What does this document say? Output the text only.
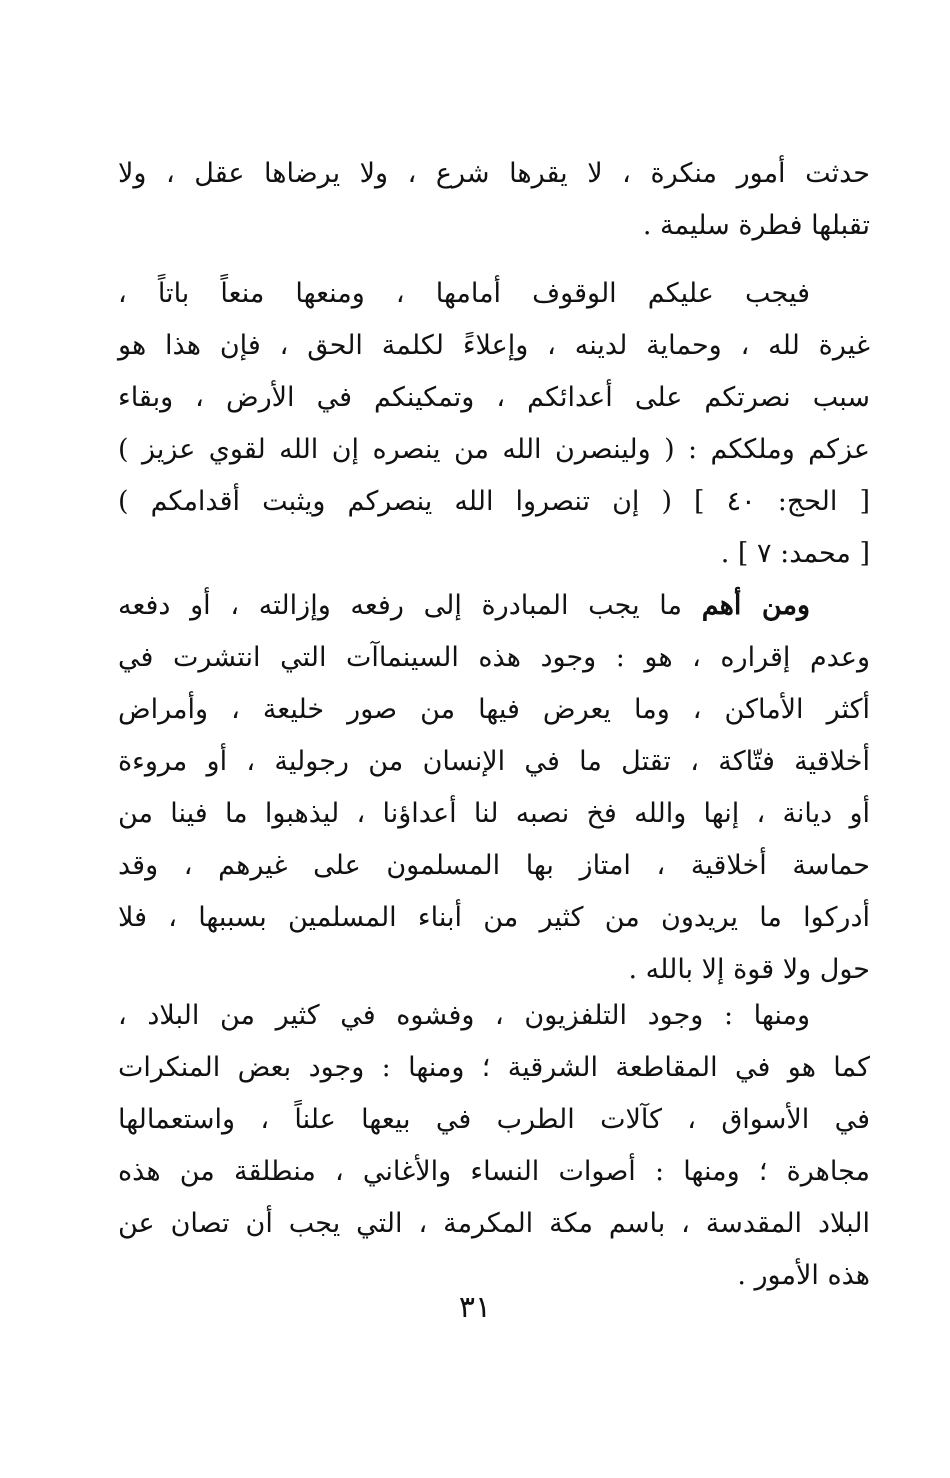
حدثت أمور منكرة ، لا يقرها شرع ، ولا يرضاها عقل ، ولا
تقبلها فطرة سليمة .
فيجب عليكم الوقوف أمامها ، ومنعها منعاً باتاً ،
غيرة لله ، وحماية لدينه ، وإعلاءً لكلمة الحق ، فإن هذا هو
سبب نصرتكم على أعدائكم ، وتمكينكم في الأرض ، وبقاء
عزكم وملككم : ( ولينصرن الله من ينصره إن الله لقوي عزيز )
[ الحج: ٤٠ ] ( إن تنصروا الله ينصركم ويثبت أقدامكم )
[ محمد: ٧ ] .
ومن أهم ما يجب المبادرة إلى رفعه وإزالته ، أو دفعه
وعدم إقراره ، هو : وجود هذه السينماآت التي انتشرت في
أكثر الأماكن ، وما يعرض فيها من صور خليعة ، وأمراض
أخلاقية فتّاكة ، تقتل ما في الإنسان من رجولية ، أو مروءة
أو ديانة ، إنها والله فخ نصبه لنا أعداؤنا ، ليذهبوا ما فينا من
حماسة أخلاقية ، امتاز بها المسلمون على غيرهم ، وقد
أدركوا ما يريدون من كثير من أبناء المسلمين بسببها ، فلا
حول ولا قوة إلا بالله .
ومنها : وجود التلفزيون ، وفشوه في كثير من البلاد ،
كما هو في المقاطعة الشرقية ؛ ومنها : وجود بعض المنكرات
في الأسواق ، كآلات الطرب في بيعها علناً ، واستعمالها
مجاهرة ؛ ومنها : أصوات النساء والأغاني ، منطلقة من هذه
البلاد المقدسة ، باسم مكة المكرمة ، التي يجب أن تصان عن
هذه الأمور .
٣١
